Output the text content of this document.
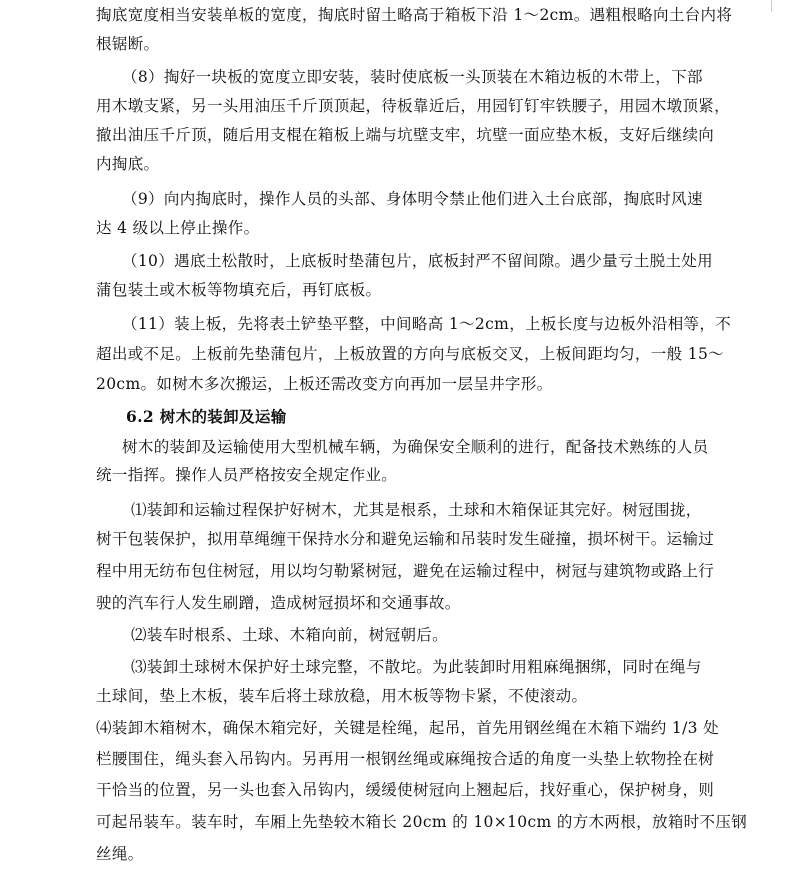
掏底宽度相当安装单板的宽度，掏底时留土略高于箱板下沿 1～2cm。遇粗根略向土台内将
根锯断。
（8）掏好一块板的宽度立即安装，装时使底板一头顶装在木箱边板的木带上，下部
用木墩支紧，另一头用油压千斤顶顶起，待板靠近后，用园钉钉牢铁腰子，用园木墩顶紧，
撤出油压千斤顶，随后用支棍在箱板上端与坑壁支牢，坑壁一面应垫木板，支好后继续向
内掏底。
（9）向内掏底时，操作人员的头部、身体明令禁止他们进入土台底部，掏底时风速
达 4 级以上停止操作。
（10）遇底土松散时，上底板时垫蒲包片，底板封严不留间隙。遇少量亏土脱土处用
蒲包装土或木板等物填充后，再钉底板。
（11）装上板，先将表土铲垫平整，中间略高 1～2cm，上板长度与边板外沿相等，不
超出或不足。上板前先垫蒲包片，上板放置的方向与底板交叉，上板间距均匀，一般 15～
20cm。如树木多次搬运，上板还需改变方向再加一层呈井字形。
6.2 树木的装卸及运输
树木的装卸及运输使用大型机械车辆，为确保安全顺利的进行，配备技术熟练的人员
统一指挥。操作人员严格按安全规定作业。
⑴装卸和运输过程保护好树木，尤其是根系，土球和木箱保证其完好。树冠围拢，
树干包装保护，拟用草绳缠干保持水分和避免运输和吊装时发生碰撞，损坏树干。运输过
程中用无纺布包住树冠，用以均匀勒紧树冠，避免在运输过程中，树冠与建筑物或路上行
驶的汽车行人发生刷蹭，造成树冠损坏和交通事故。
⑵装车时根系、土球、木箱向前，树冠朝后。
⑶装卸土球树木保护好土球完整，不散坨。为此装卸时用粗麻绳捆绑，同时在绳与
土球间，垫上木板，装车后将土球放稳，用木板等物卡紧，不使滚动。
⑷装卸木箱树木，确保木箱完好，关键是栓绳，起吊，首先用钢丝绳在木箱下端约 1/3 处
栏腰围住，绳头套入吊钩内。另再用一根钢丝绳或麻绳按合适的角度一头垫上软物拴在树
干恰当的位置，另一头也套入吊钩内，缓缓使树冠向上翘起后，找好重心，保护树身，则
可起吊装车。装车时，车厢上先垫较木箱长 20cm 的 10×10cm 的方木两根，放箱时不压钢
丝绳。
